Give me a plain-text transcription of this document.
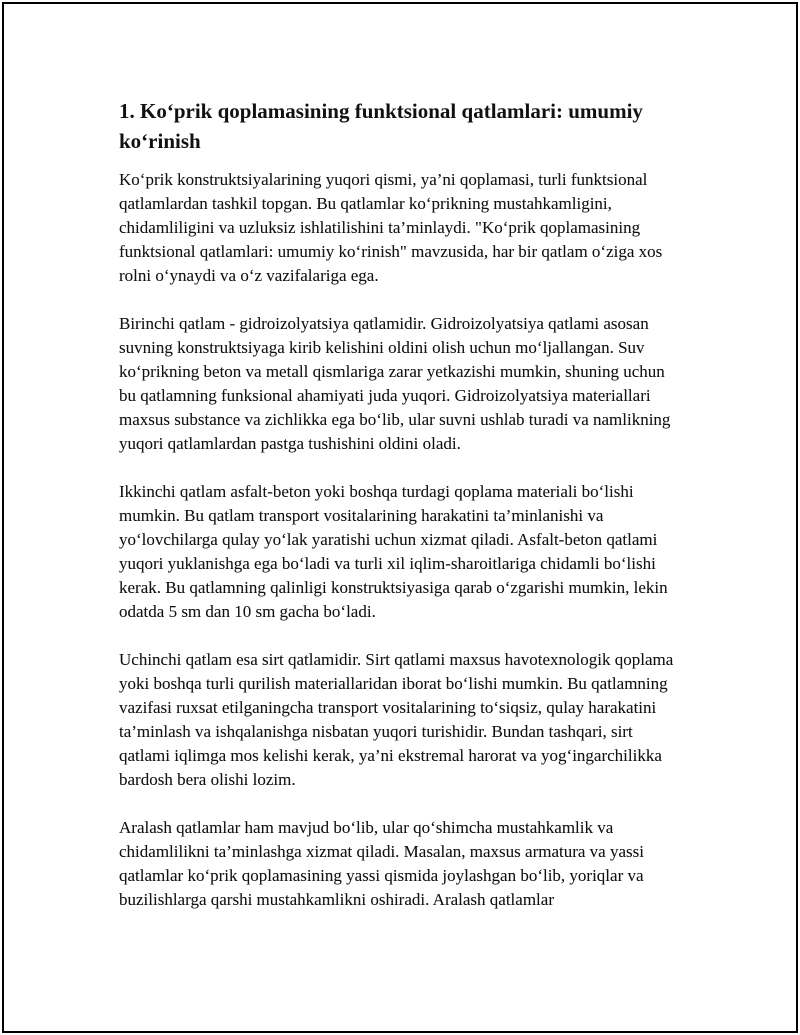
1. Ko‘prik qoplamasining funktsional qatlamlari: umumiy ko‘rinish

Ko‘prik konstruktsiyalarining yuqori qismi, ya’ni qoplamasi, turli funktsional qatlamlardan tashkil topgan. Bu qatlamlar ko‘prikning mustahkamligini, chidamliligini va uzluksiz ishlatilishini ta’minlaydi. "Ko‘prik qoplamasining funktsional qatlamlari: umumiy ko‘rinish" mavzusida, har bir qatlam o‘ziga xos rolni o‘ynaydi va o‘z vazifalariga ega.

Birinchi qatlam - gidroizolyatsiya qatlamidir. Gidroizolyatsiya qatlami asosan suvning konstruktsiyaga kirib kelishini oldini olish uchun mo‘ljallangan. Suv ko‘prikning beton va metall qismlariga zarar yetkazishi mumkin, shuning uchun bu qatlamning funksional ahamiyati juda yuqori. Gidroizolyatsiya materiallari maxsus substance va zichlikka ega bo‘lib, ular suvni ushlab turadi va namlikning yuqori qatlamlardan pastga tushishini oldini oladi.

Ikkinchi qatlam asfalt-beton yoki boshqa turdagi qoplama materiali bo‘lishi mumkin. Bu qatlam transport vositalarining harakatini ta’minlanishi va yo‘lovchilarga qulay yo‘lak yaratishi uchun xizmat qiladi. Asfalt-beton qatlami yuqori yuklanishga ega bo‘ladi va turli xil iqlim-sharoitlariga chidamli bo‘lishi kerak. Bu qatlamning qalinligi konstruktsiyasiga qarab o‘zgarishi mumkin, lekin odatda 5 sm dan 10 sm gacha bo‘ladi.

Uchinchi qatlam esa sirt qatlamidir. Sirt qatlami maxsus havotexnologik qoplama yoki boshqa turli qurilish materiallaridan iborat bo‘lishi mumkin. Bu qatlamning vazifasi ruxsat etilganingcha transport vositalarining to‘siqsiz, qulay harakatini ta’minlash va ishqalanishga nisbatan yuqori turishidir. Bundan tashqari, sirt qatlami iqlimga mos kelishi kerak, ya’ni ekstremal harorat va yog‘ingarchilikka bardosh bera olishi lozim.

Aralash qatlamlar ham mavjud bo‘lib, ular qo‘shimcha mustahkamlik va chidamlilikni ta’minlashga xizmat qiladi. Masalan, maxsus armatura va yassi qatlamlar ko‘prik qoplamasining yassi qismida joylashgan bo‘lib, yoriqlar va buzilishlarga qarshi mustahkamlikni oshiradi. Aralash qatlamlar
